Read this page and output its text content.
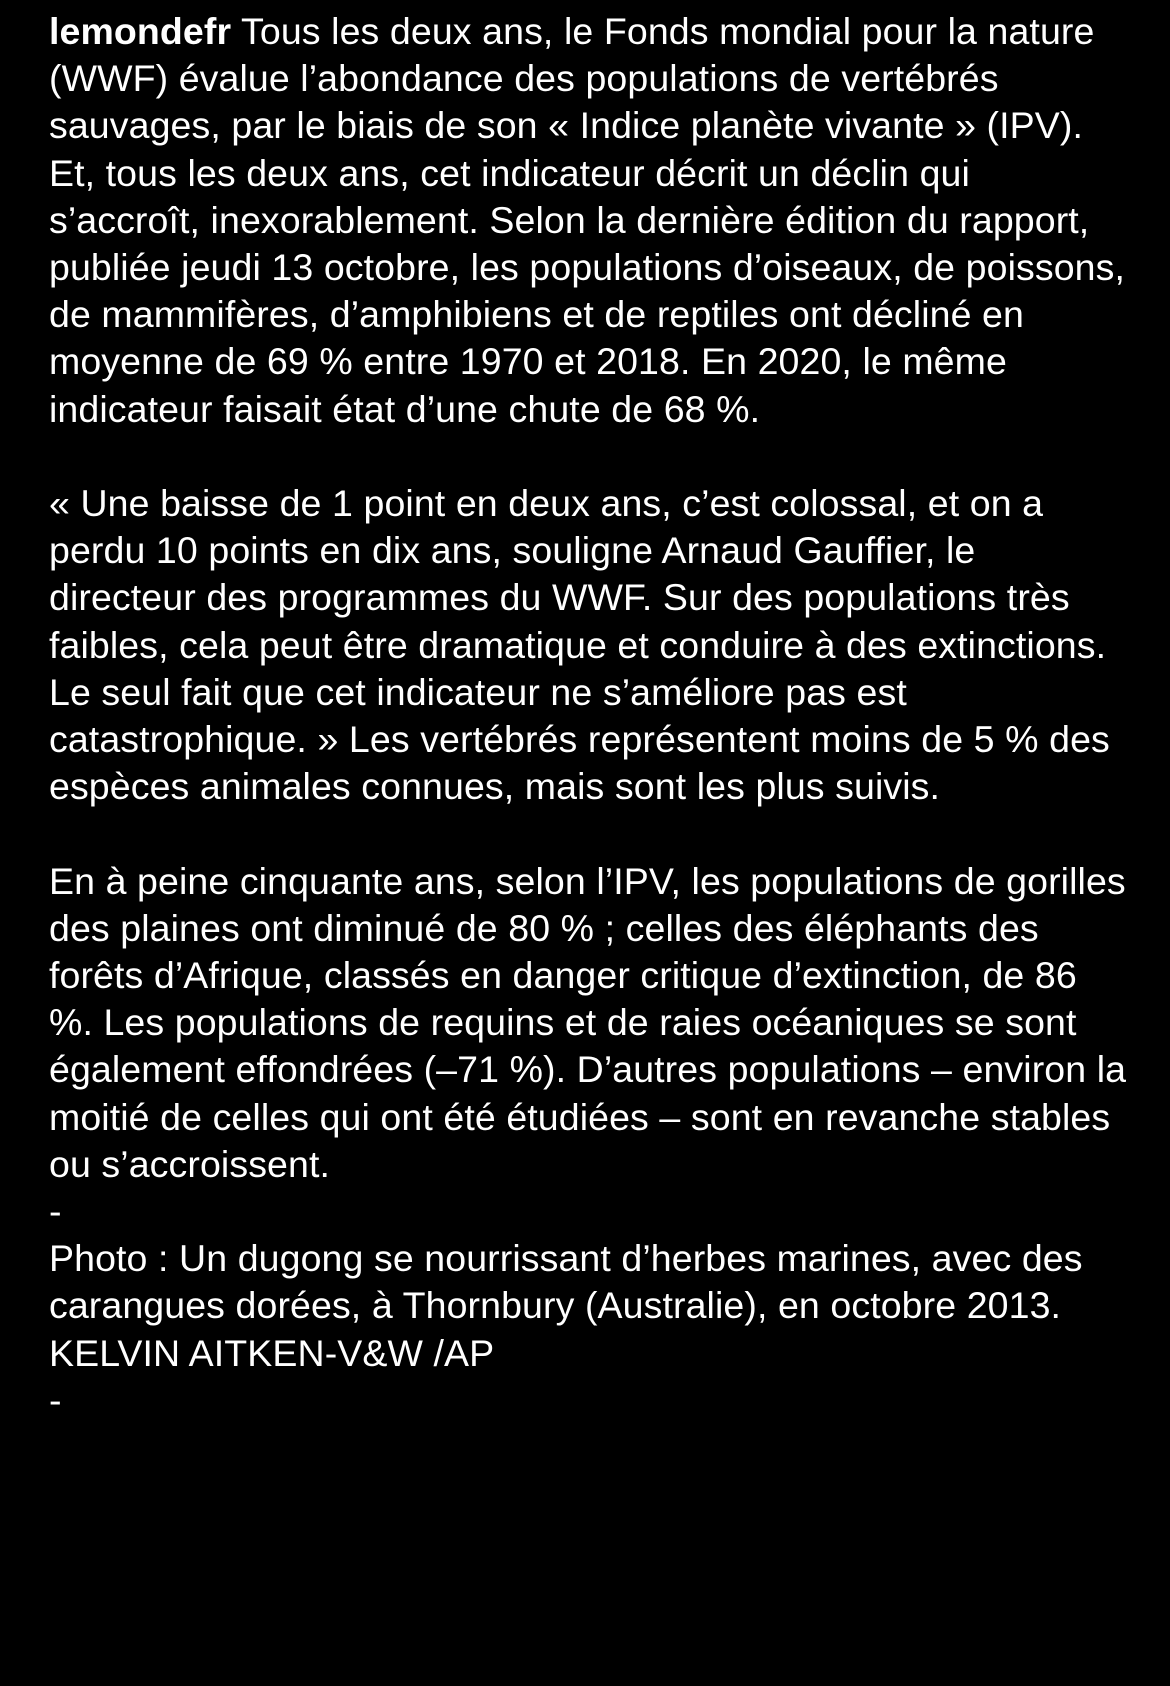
lemondefr Tous les deux ans, le Fonds mondial pour la nature (WWF) évalue l’abondance des populations de vertébrés sauvages, par le biais de son « Indice planète vivante » (IPV). Et, tous les deux ans, cet indicateur décrit un déclin qui s’accroît, inexorablement. Selon la dernière édition du rapport, publiée jeudi 13 octobre, les populations d’oiseaux, de poissons, de mammifères, d’amphibiens et de reptiles ont décliné en moyenne de 69 % entre 1970 et 2018. En 2020, le même indicateur faisait état d’une chute de 68 %.

« Une baisse de 1 point en deux ans, c’est colossal, et on a perdu 10 points en dix ans, souligne Arnaud Gauffier, le directeur des programmes du WWF. Sur des populations très faibles, cela peut être dramatique et conduire à des extinctions. Le seul fait que cet indicateur ne s’améliore pas est catastrophique. » Les vertébrés représentent moins de 5 % des espèces animales connues, mais sont les plus suivis.

En à peine cinquante ans, selon l’IPV, les populations de gorilles des plaines ont diminué de 80 % ; celles des éléphants des forêts d’Afrique, classés en danger critique d’extinction, de 86 %. Les populations de requins et de raies océaniques se sont également effondrées (–71 %). D’autres populations – environ la moitié de celles qui ont été étudiées – sont en revanche stables ou s’accroissent.

-

Photo : Un dugong se nourrissant d’herbes marines, avec des carangues dorées, à Thornbury (Australie), en octobre 2013. KELVIN AITKEN-V&W /AP

-
